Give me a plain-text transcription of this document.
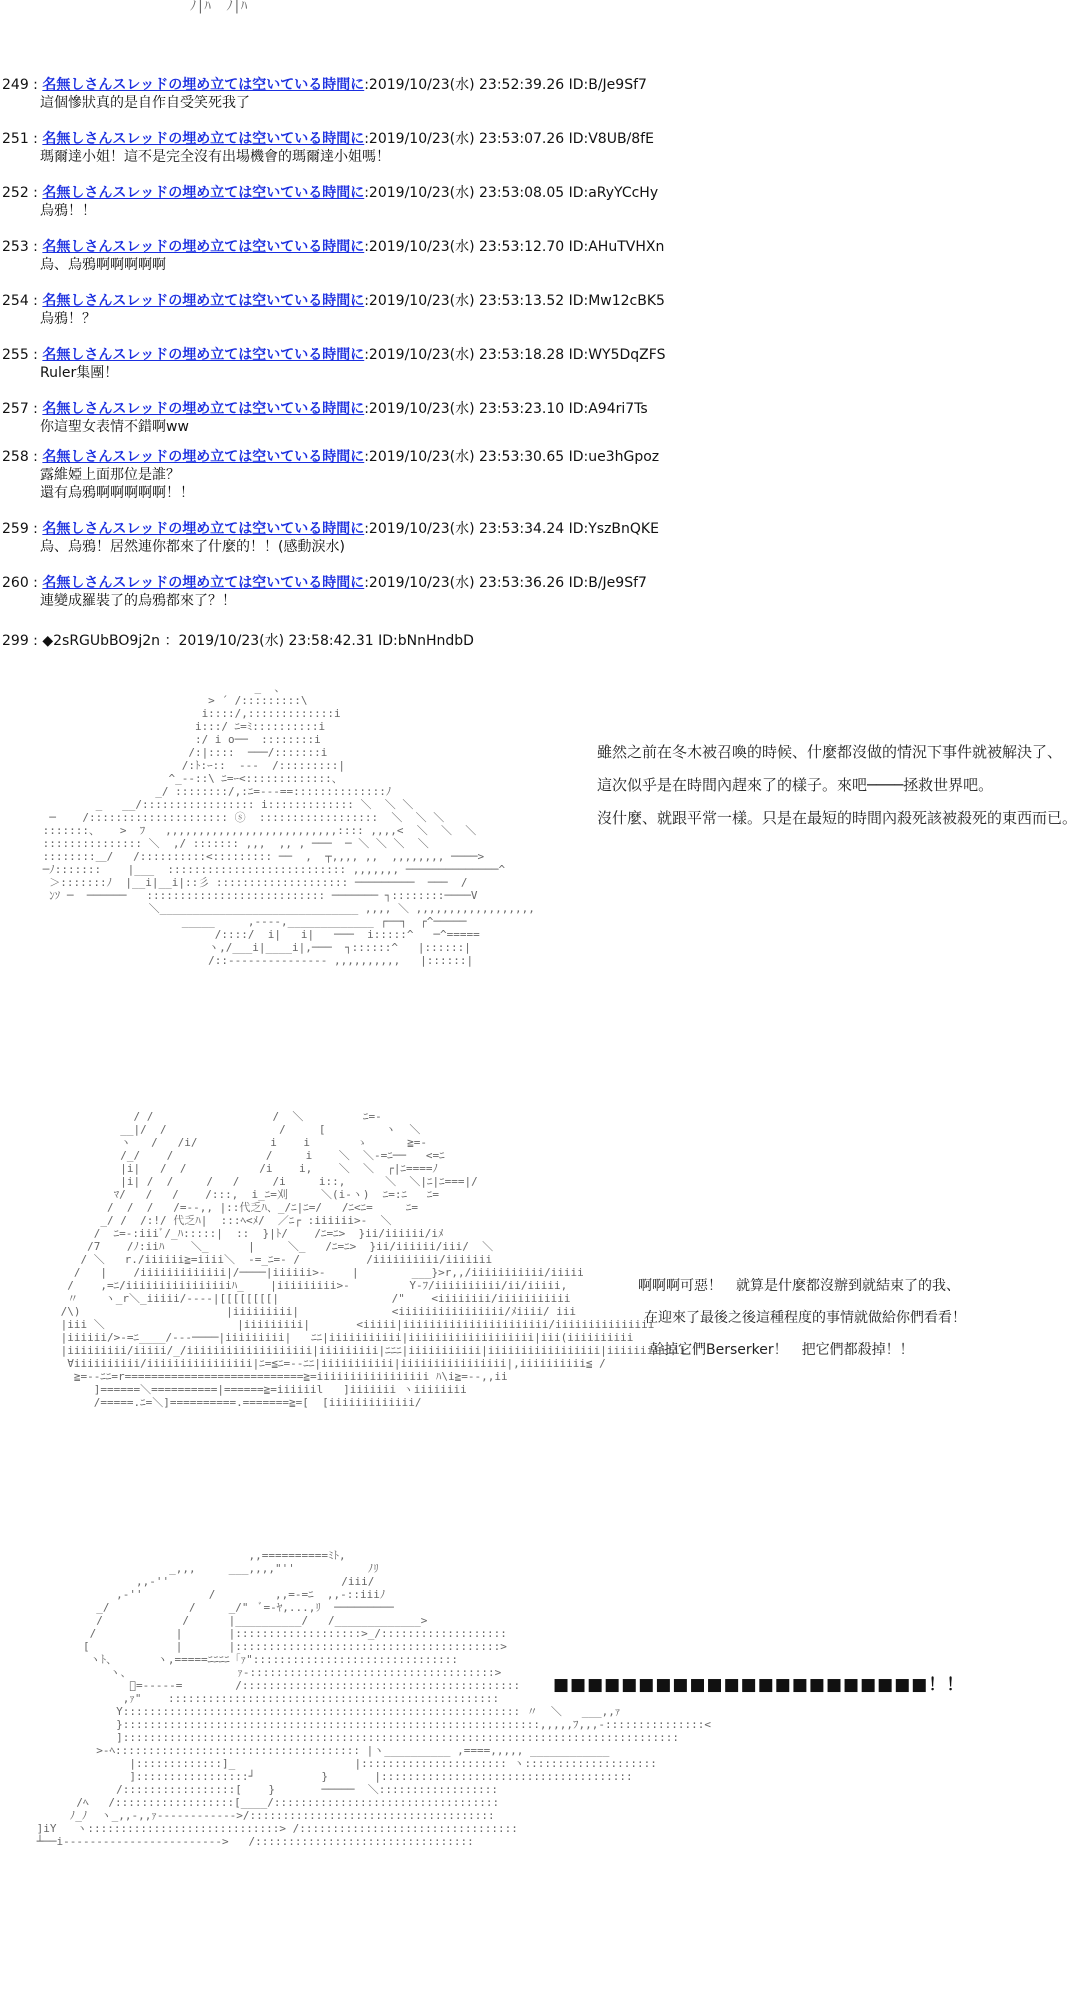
ﾉ|ﾊ  ﾉ|ﾊ
249 : 名無しさんスレッドの埋め立ては空いている時間に:2019/10/23(水) 23:52:39.26 ID:B/Je9Sf7
這個慘狀真的是自作自受笑死我了
251 : 名無しさんスレッドの埋め立ては空いている時間に:2019/10/23(水) 23:53:07.26 ID:V8UB/8fE
瑪爾達小姐！這不是完全沒有出場機會的瑪爾達小姐嗎！
252 : 名無しさんスレッドの埋め立ては空いている時間に:2019/10/23(水) 23:53:08.05 ID:aRyYCcHy
烏鴉！！
253 : 名無しさんスレッドの埋め立ては空いている時間に:2019/10/23(水) 23:53:12.70 ID:AHuTVHXn
烏、烏鴉啊啊啊啊啊
254 : 名無しさんスレッドの埋め立ては空いている時間に:2019/10/23(水) 23:53:13.52 ID:Mw12cBK5
烏鴉！？
255 : 名無しさんスレッドの埋め立ては空いている時間に:2019/10/23(水) 23:53:18.28 ID:WY5DqZFS
Ruler集團！
257 : 名無しさんスレッドの埋め立ては空いている時間に:2019/10/23(水) 23:53:23.10 ID:A94ri7Ts
你這聖女表情不錯啊ww
258 : 名無しさんスレッドの埋め立ては空いている時間に:2019/10/23(水) 23:53:30.65 ID:ue3hGpoz
露維婭上面那位是誰？
還有烏鴉啊啊啊啊啊！！
259 : 名無しさんスレッドの埋め立ては空いている時間に:2019/10/23(水) 23:53:34.24 ID:YszBnQKE
烏、烏鴉！居然連你都來了什麼的！！(感動淚水)
260 : 名無しさんスレッドの埋め立ては空いている時間に:2019/10/23(水) 23:53:36.26 ID:B/Je9Sf7
連變成羅裝了的烏鴉都來了？！
299 : ◆2sRGUbBO9j2n ：2019/10/23(水) 23:58:42.31 ID:bNnHndbD

_  、
> ´ /:::::::::\
i::::/,:::::::::::::i
i:::/ ﾆ=ﾐ::::::::::i
:/ i o──  ::::::::i
/:|::::  ───/:::::::i
/:ﾄ:ｰ::  ---  /:::::::::|
^_--::\ ﾆ=ｰ<:::::::::::::、
_/ ::::::::/,:ﾆ=---==::::::::::::::ﾉ
_   __/::::::::::::::::: i::::::::::::: ＼  ＼ ＼
─    /::::::::::::::::::::: ⓢ  ::::::::::::::::::  ＼  ＼ ＼
:::::::、   >  ﾌ   ,,,,,,,,,,,,,,,,,,,,,,,,,,:::: ,,,,<  ＼  ＼  ＼
::::::::::::::: ＼  ,/ ::::::: ,,,  ,, , ───  ─ ＼ ＼ ＼  ＼
::::::::＿/   /::::::::::<::::::::: ──  ,  ┬,,,, ,,  ,,,,,,,, ────>
─ﾉ:::::::    |___  ::::::::::::::::::::::::::: ,,,,,,, ──────────────^
＞:::::::ﾉ  |__i|__i|::彡 :::::::::::::::::::: ─────────  ───  /
ﾝｿ ─  ──────   ::::::::::::::::::::::::::: ─────── ┐::::::::────V
＼______________________________ ,,,, ＼ ,,,,,,,,,,,,,,,,,,
_____     ,----,_____________ ┌──┐  ┌^─────
/::::/  i|   i|   ───  i:::::^   ─^=====
ヽ,/___i|____i|,───  ┐::::::^   |::::::|
/::--------------- ,,,,,,,,,,   |::::::|

雖然之前在冬木被召喚的時候、什麼都沒做的情況下事件就被解決了、
這次似乎是在時間內趕來了的樣子。來吧────拯救世界吧。
沒什麼、就跟平常一樣。只是在最短的時間內殺死該被殺死的東西而已。

/ /                  /  ＼         ﾆ=-
__|/  /                 /     [         ヽ  ＼
ヽ   /   /i/           i    i       ゝ      ≧=-
/_/    /              /     i    ＼  ＼-=ﾆ──   <=ﾆ
|i|   /  /           /i    i,    ＼  ＼  ┌|ﾆ====ﾉ
|i| /  /     /   /     /i     i::,      ＼  ＼|ﾆ|ﾆ===|/
ﾏ/   /   /    /:::,  i_ﾆ=刈     ＼(i-ヽ)  ﾆ=:ﾆ   ﾆ=
/  /  /   /=--,, |::代乏ﾊ、_/ﾆ|ﾆ=/   /ﾆ<ﾆ=     ﾆ=
_/ /  /:!/ 代乏ﾊ|  :::ﾍ<ﾒ/  ／ﾆ┌ :iiiiii>-  ＼
/  ﾆ=-:iiiﾞ/_ﾊ:::::|  ::  }|ﾄ/    /ﾆ=ﾆ>  }ii/iiiiii/iﾒ
/7    /ﾉ:iiﾊ    ＼_      |     ＼_   /ﾆ=ﾆ>  }ii/iiiiii/iii/  ＼
/ ＼   r./iiiiii≧=iiii＼  -=_ﾆ=- /          /iiiiiiiiii/iiiiiii
/   |    /iiiiiiiiiiiii|/────|iiiiii>-    |        ___}>r,,/iiiiiiiiiii/iiiii
/    ,=ﾆ/iiiiiiiiiiiiiiiiﾊ_    |iiiiiiiii>-         Y-ﾌ/iiiiiiiiii/ii/iiiii,
〃    ヽ_r＼_iiiii/----|[[[[[[[[|                 /"    <iiiiiiii/iiiiiiiiiii
/\)                      |iiiiiiiii|              <iiiiiiiiiiiiiiii/ﾒiiii/ iii
|iii ＼                    |iiiiiiiii|       <iiiii|iiiiiiiiiiiiiiiiiiiiii/iiiiiiiiiiiiiii
|iiiiii/>-=ﾆ____/---────|iiiiiiiii|   ﾆﾆ|iiiiiiiiiii|iiiiiiiiiiiiiiiiiii|iii(iiiiiiiiii
|iiiiiiiii/iiiii/_/iiiiiiiiiiiiiiiiiii|iiiiiiiii|ﾆﾆﾆ|iiiiiiiiiii|iiiiiiiiiiiiiiiii|iiiiiiiiiiii
∀iiiiiiiiii/iiiiiiiiiiiiiiii|ﾆ=≦ﾆ=--ﾆﾆ|iiiiiiiiiii|iiiiiiiiiiiiiiii|,iiiiiiiiii≦ /
≧=--ﾆﾆ=r===========================≧=iiiiiiiiiiiiiiiii ﾊ\i≧=--,,ii
]======＼==========|======≧=iiiiiil   ]iiiiiii ヽiiiiiiii
/=====.ﾆ=＼]==========.=======≧=[  [iiiiiiiiiiiii/

啊啊啊可惡！　就算是什麼都沒辦到就結束了的我、
在迎來了最後之後這種程度的事情就做給你們看看！
幹掉它們Berserker！　把它們都殺掉！！

,,==========ﾐﾄ,
_,,,     ___,,,,"''           ﾉﾘ
,,-''                          /iii/
,-''          /         ,,=-=ﾆ  ,,-::iiiﾉ
_/            /     _/"  ﾞ=-ﾔ,...,ﾘ  ─────────
/            /      |__________/   /_____________>
/            |       |:::::::::::::::::::>_/:::::::::::::::::::
[             |       |::::::::::::::::::::::::::::::::::::::::>
ヽﾄ、      ヽ,=====ﾆﾆﾆﾆ「ｧ":::::::::::::::::::::::::::::::
ヽ、                ｧ-:::::::::::::::::::::::::::::::::::::>
ﾞ=-----=        /::::::::::::::::::::::::::::::::::::::::::
,ｧ"    ::::::::::::::::::::::::::::::::::::::::::::::::::
Y:::::::::::::::::::::::::::::::::::::::::::::::::::::::::::: 〃  ＼   ___,,ｧ
}:::::::::::::::::::::::::::::::::::::::::::::::::::::::::::::::,,,,,ﾌ,,,-:::::::::::::::<
]::::::::::::::::::::::::::::::::::::::::::::::::::::::::::::::::::::::::::::::::::::
>-ﾍ::::::::::::::::::::::::::::::::::::: |ヽ__________ ,====,,,,, ____________
|:::::::::::::]_                  |:::::::::::::::::::::: ヽ::::::::::::::::::::
]:::::::::::::::::┘          }       |::::::::::::::::::::::::::::::::::::::
/:::::::::::::::::[    }       ─────  ＼::::::::::::::::::
/ﾍ   /::::::::::::::::::[____/::::::::::::::::::::::::::::::::::
ﾉ_ﾉ  ヽ_,,-,,ｧ------------>/:::::::::::::::::::::::::::::::::::::
]iY   ヽ:::::::::::::::::::::::::::::> /:::::::::::::::::::::::::::::::::
┴──i------------------------>   /:::::::::::::::::::::::::::::::::

■■■■■■■■■■■■■■■■■■■■■■！！
